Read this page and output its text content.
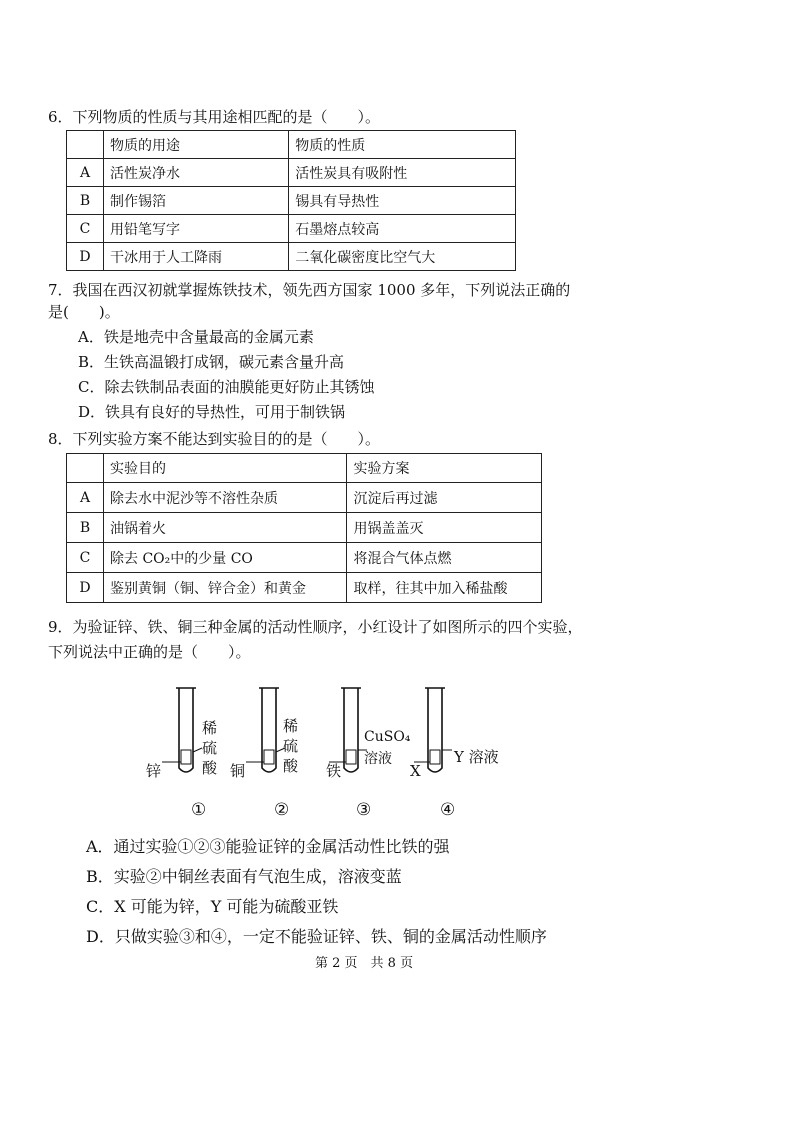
6．下列物质的性质与其用途相匹配的是（　　）。
	物质的用途	物质的性质
A	活性炭净水	活性炭具有吸附性
B	制作锡箔	锡具有导热性
C	用铅笔写字	石墨熔点较高
D	干冰用于人工降雨	二氧化碳密度比空气大
7．我国在西汉初就掌握炼铁技术，领先西方国家 1000 多年，下列说法正确的
是(　　)。
A．铁是地壳中含量最高的金属元素
B．生铁高温锻打成钢，碳元素含量升高
C．除去铁制品表面的油膜能更好防止其锈蚀
D．铁具有良好的导热性，可用于制铁锅
8．下列实验方案不能达到实验目的的是（　　）。
	实验目的	实验方案
A	除去水中泥沙等不溶性杂质	沉淀后再过滤
B	油锅着火	用锅盖盖灭
C	除去 CO₂中的少量 CO	将混合气体点燃
D	鉴别黄铜（铜、锌合金）和黄金	取样，往其中加入稀盐酸
9．为验证锌、铁、铜三种金属的活动性顺序，小红设计了如图所示的四个实验，
下列说法中正确的是（　　）。
锌
稀硫酸 铜
稀硫酸 铁
CuSO₄溶液
X
Y 溶液
①	②	③	④
A．通过实验①②③能验证锌的金属活动性比铁的强
B．实验②中铜丝表面有气泡生成，溶液变蓝
C．X 可能为锌，Y 可能为硫酸亚铁
D．只做实验③和④，一定不能验证锌、铁、铜的金属活动性顺序
第 2 页　共 8 页
